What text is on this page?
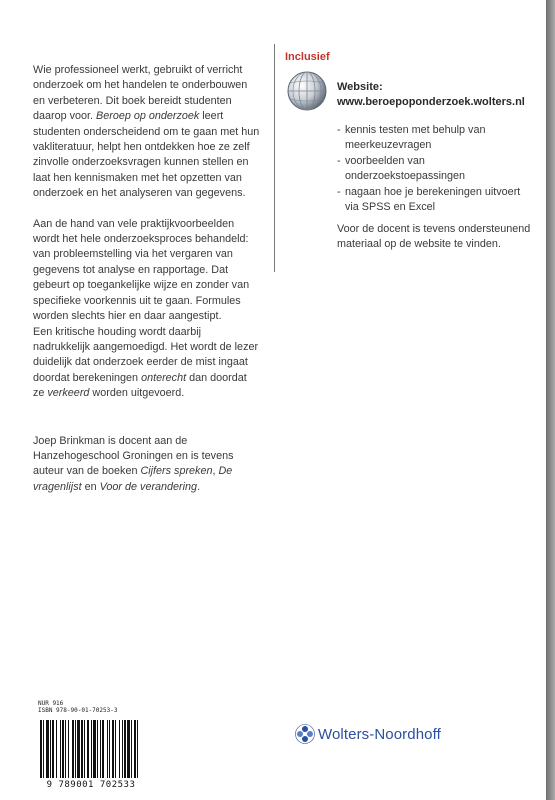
Wie professioneel werkt, gebruikt of verricht onderzoek om het handelen te onderbouwen en verbeteren. Dit boek bereidt studenten daarop voor. Beroep op onderzoek leert studenten onderscheidend om te gaan met hun vakliteratuur, helpt hen ontdekken hoe ze zelf zinvolle onderzoeksvragen kunnen stellen en laat hen kennismaken met het opzetten van onderzoek en het analyseren van gegevens.

Aan de hand van vele praktijkvoorbeelden wordt het hele onderzoeksproces behandeld: van probleemstelling via het vergaren van gegevens tot analyse en rapportage. Dat gebeurt op toegankelijke wijze en zonder van specifieke voorkennis uit te gaan. Formules worden slechts hier en daar aangestipt.

Een kritische houding wordt daarbij nadrukkelijk aangemoedigd. Het wordt de lezer duidelijk dat onderzoek eerder de mist ingaat doordat berekeningen onterecht dan doordat ze verkeerd worden uitgevoerd.

Joep Brinkman is docent aan de Hanzehogeschool Groningen en is tevens auteur van de boeken Cijfers spreken, De vragenlijst en Voor de verandering.

Inclusief

Website:
www.beroepoponderzoek.wolters.nl
- kennis testen met behulp van meerkeuzevragen
- voorbeelden van onderzoekstoepassingen
- nagaan hoe je berekeningen uitvoert via SPSS en Excel

Voor de docent is tevens ondersteunend materiaal op de website te vinden.

NUR 916

ISBN 978-90-01-70253-3

9 789001 702533
Wolters-Noordhoff
